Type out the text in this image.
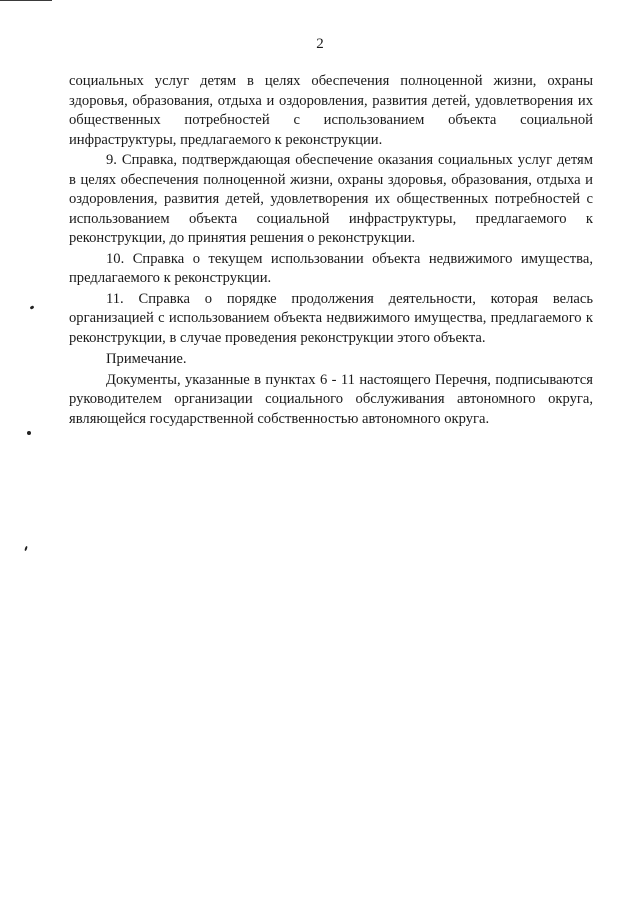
2

социальных услуг детям в целях обеспечения полноценной жизни, охраны здоровья, образования, отдыха и оздоровления, развития детей, удовлетворения их общественных потребностей с использованием объекта социальной инфраструктуры, предлагаемого к реконструкции.

9. Справка, подтверждающая обеспечение оказания социальных услуг детям в целях обеспечения полноценной жизни, охраны здоровья, образования, отдыха и оздоровления, развития детей, удовлетворения их общественных потребностей с использованием объекта социальной инфраструктуры, предлагаемого к реконструкции, до принятия решения о реконструкции.

10. Справка о текущем использовании объекта недвижимого имущества, предлагаемого к реконструкции.

11. Справка о порядке продолжения деятельности, которая велась организацией с использованием объекта недвижимого имущества, предлагаемого к реконструкции, в случае проведения реконструкции этого объекта.

Примечание.

Документы, указанные в пунктах 6 - 11 настоящего Перечня, подписываются руководителем организации социального обслуживания автономного округа, являющейся государственной собственностью автономного округа.
